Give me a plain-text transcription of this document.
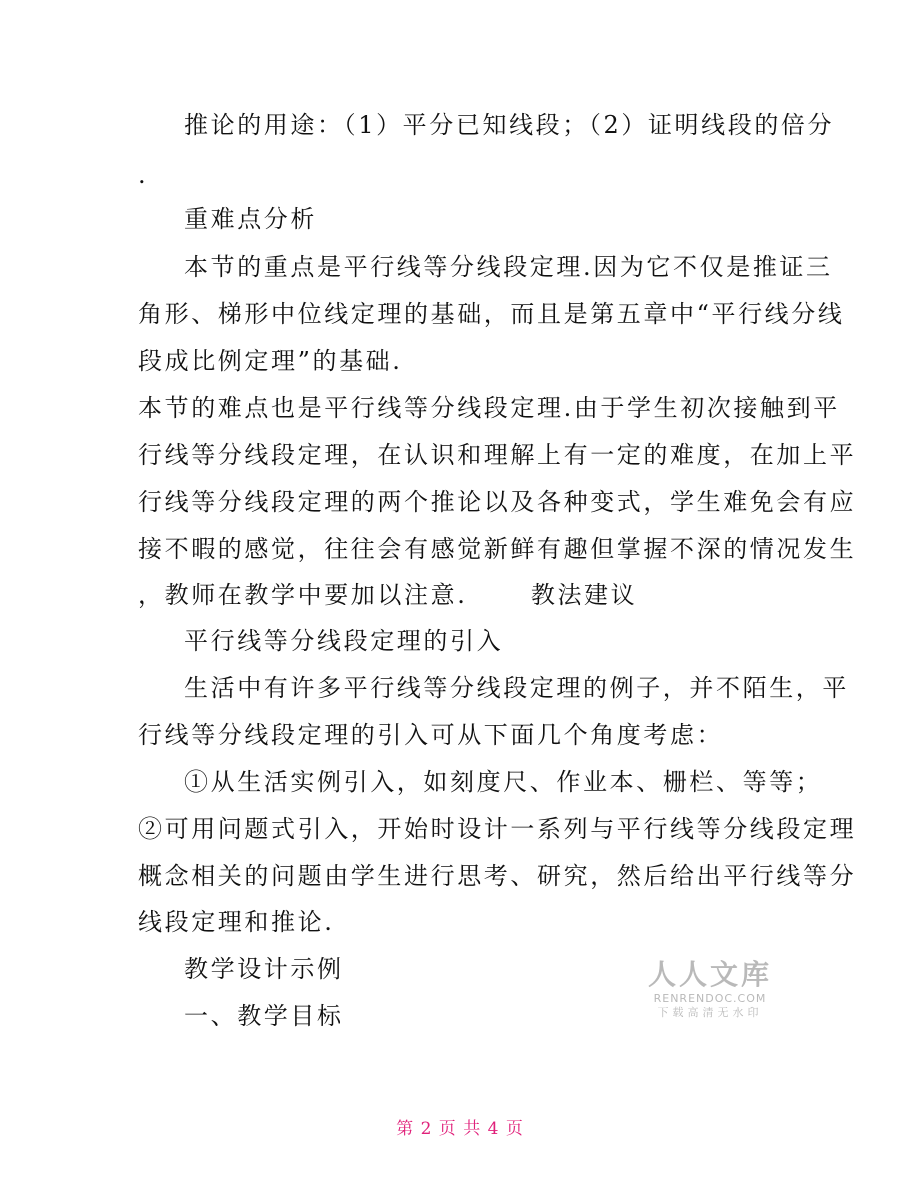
推论的用途：（1）平分已知线段；（2）证明线段的倍分
.
重难点分析
本节的重点是平行线等分线段定理.因为它不仅是推证三
角形、梯形中位线定理的基础，而且是第五章中“平行线分线
段成比例定理”的基础.
本节的难点也是平行线等分线段定理.由于学生初次接触到平
行线等分线段定理，在认识和理解上有一定的难度，在加上平
行线等分线段定理的两个推论以及各种变式，学生难免会有应
接不暇的感觉，往往会有感觉新鲜有趣但掌握不深的情况发生
，教师在教学中要加以注意.　　 教法建议
平行线等分线段定理的引入
生活中有许多平行线等分线段定理的例子，并不陌生，平
行线等分线段定理的引入可从下面几个角度考虑：
①从生活实例引入，如刻度尺、作业本、栅栏、等等；
②可用问题式引入，开始时设计一系列与平行线等分线段定理
概念相关的问题由学生进行思考、研究，然后给出平行线等分
线段定理和推论.
教学设计示例
一、教学目标
人人文库
RENRENDOC.COM
下载高清无水印
第 2 页 共 4 页
